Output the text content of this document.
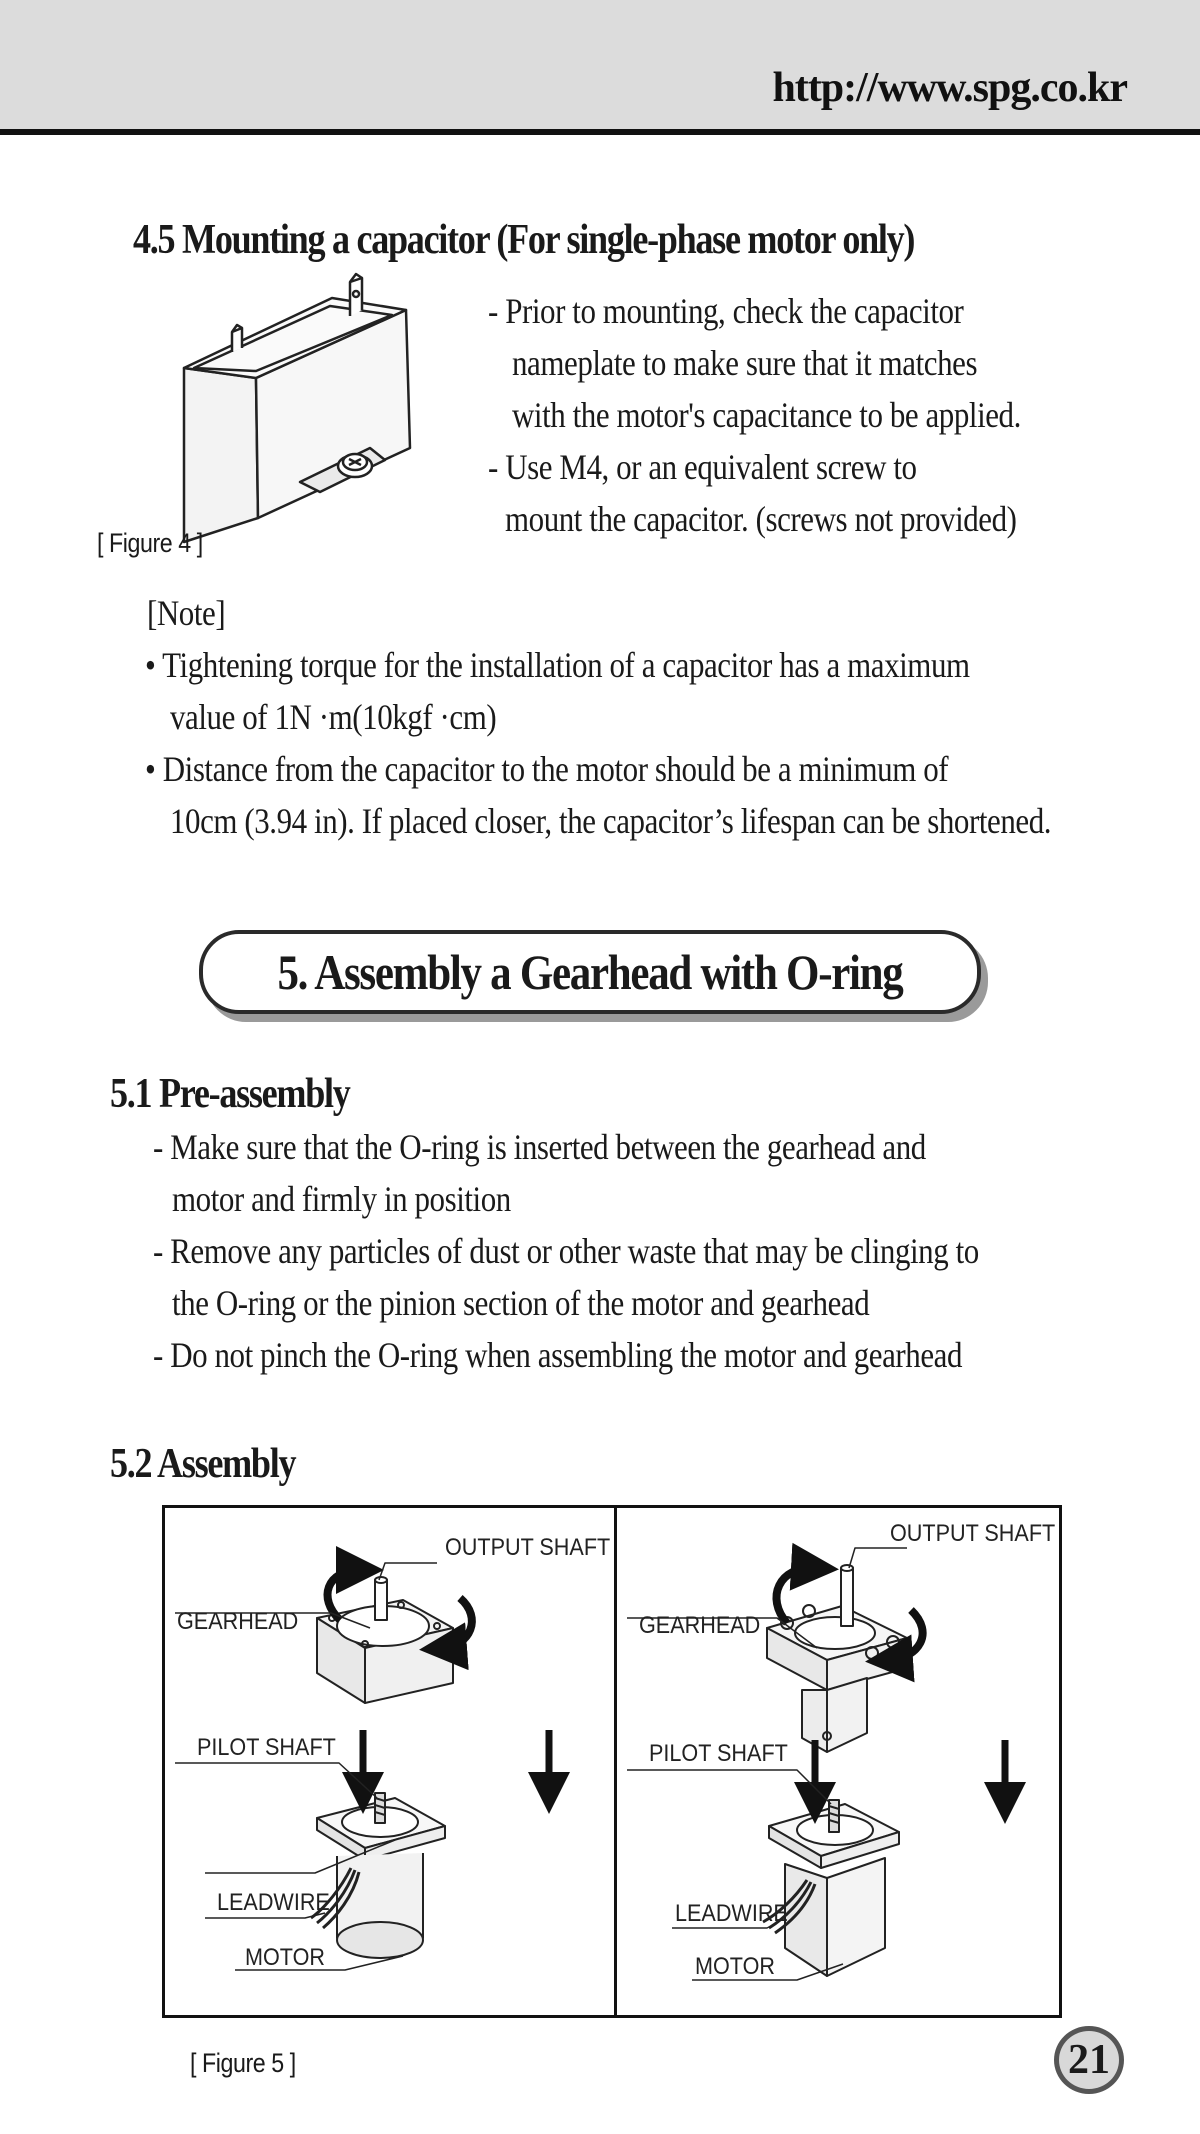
http://www.spg.co.kr
4.5 Mounting a capacitor (For single-phase motor only)
[ Figure 4 ]
- Prior to mounting, check the capacitor
nameplate to make sure that it matches
with the motor's capacitance to be applied.
- Use M4, or an equivalent screw to
mount the capacitor. (screws not provided)
[Note]
• Tightening torque for the installation of a capacitor has a maximum
value of 1N ·m(10kgf ·cm)
• Distance from the capacitor to the motor should be a minimum of
10cm (3.94 in). If placed closer, the capacitor’s lifespan can be shortened.
5. Assembly a Gearhead with O-ring
5.1 Pre-assembly
- Make sure that the O-ring is inserted between the gearhead and
motor and firmly in position
- Remove any particles of dust or other waste that may be clinging to
the O-ring or the pinion section of the motor and gearhead
- Do not pinch the O-ring when assembling the motor and gearhead
5.2 Assembly
OUTPUT SHAFT
GEARHEAD
PILOT SHAFT
LEADWIRE
MOTOR
OUTPUT SHAFT
GEARHEAD
PILOT SHAFT
LEADWIRE
MOTOR
[ Figure 5 ]	21
